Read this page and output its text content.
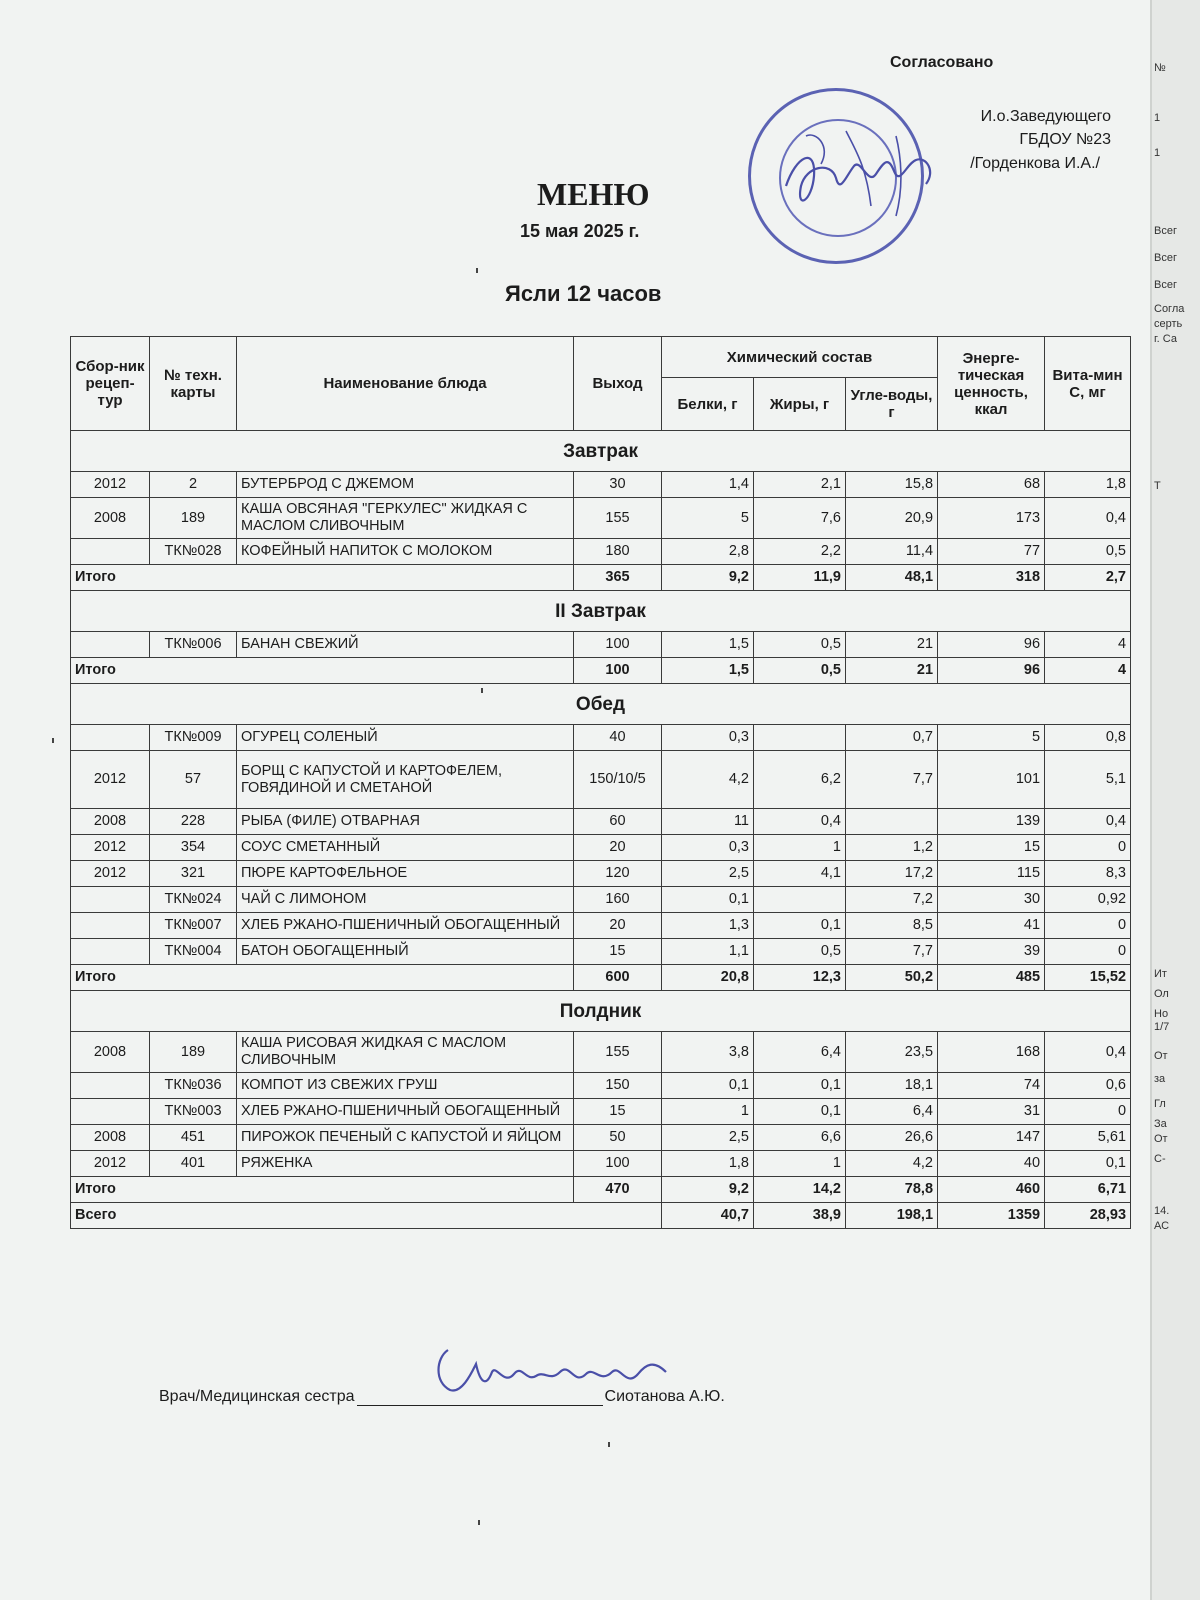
Согласовано
И.о.Заведующего
ГБДОУ №23
/Горденкова И.А./
МЕНЮ
15 мая 2025 г.
Ясли 12 часов
Сбор-ник рецеп-тур	№ техн. карты	Наименование блюда	Выход	Химический состав			Энерге-тическая ценность, ккал	Вита-мин С, мг
				Белки, г	Жиры, г	Угле-воды, г		
Завтрак								
2012	2	БУТЕРБРОД С ДЖЕМОМ	30	1,4	2,1	15,8	68	1,8
2008	189	КАША ОВСЯНАЯ "ГЕРКУЛЕС" ЖИДКАЯ С МАСЛОМ СЛИВОЧНЫМ	155	5	7,6	20,9	173	0,4
	ТК№028	КОФЕЙНЫЙ НАПИТОК С МОЛОКОМ	180	2,8	2,2	11,4	77	0,5
Итого			365	9,2	11,9	48,1	318	2,7
II Завтрак								
	ТК№006	БАНАН СВЕЖИЙ	100	1,5	0,5	21	96	4
Итого			100	1,5	0,5	21	96	4
Обед								
	ТК№009	ОГУРЕЦ СОЛЕНЫЙ	40	0,3		0,7	5	0,8
2012	57	БОРЩ С КАПУСТОЙ И КАРТОФЕЛЕМ, ГОВЯДИНОЙ И СМЕТАНОЙ	150/10/5	4,2	6,2	7,7	101	5,1
2008	228	РЫБА (ФИЛЕ) ОТВАРНАЯ	60	11	0,4		139	0,4
2012	354	СОУС СМЕТАННЫЙ	20	0,3	1	1,2	15	0
2012	321	ПЮРЕ КАРТОФЕЛЬНОЕ	120	2,5	4,1	17,2	115	8,3
	ТК№024	ЧАЙ С ЛИМОНОМ	160	0,1		7,2	30	0,92
	ТК№007	ХЛЕБ РЖАНО-ПШЕНИЧНЫЙ ОБОГАЩЕННЫЙ	20	1,3	0,1	8,5	41	0
	ТК№004	БАТОН ОБОГАЩЕННЫЙ	15	1,1	0,5	7,7	39	0
Итого			600	20,8	12,3	50,2	485	15,52
Полдник								
2008	189	КАША РИСОВАЯ ЖИДКАЯ С МАСЛОМ СЛИВОЧНЫМ	155	3,8	6,4	23,5	168	0,4
	ТК№036	КОМПОТ ИЗ СВЕЖИХ ГРУШ	150	0,1	0,1	18,1	74	0,6
	ТК№003	ХЛЕБ РЖАНО-ПШЕНИЧНЫЙ ОБОГАЩЕННЫЙ	15	1	0,1	6,4	31	0
2008	451	ПИРОЖОК ПЕЧЕНЫЙ С КАПУСТОЙ И ЯЙЦОМ	50	2,5	6,6	26,6	147	5,61
2012	401	РЯЖЕНКА	100	1,8	1	4,2	40	0,1
Итого			470	9,2	14,2	78,8	460	6,71
Всего				40,7	38,9	198,1	1359	28,93
Врач/Медицинская сестра	Сиотанова А.Ю.
№
1
1
Всег
Всег
Всег
Согла
серть
г. Са
Т
Ит
Ол
Но
1/7
От
за
Гл
За
От
С-
14.
АС
